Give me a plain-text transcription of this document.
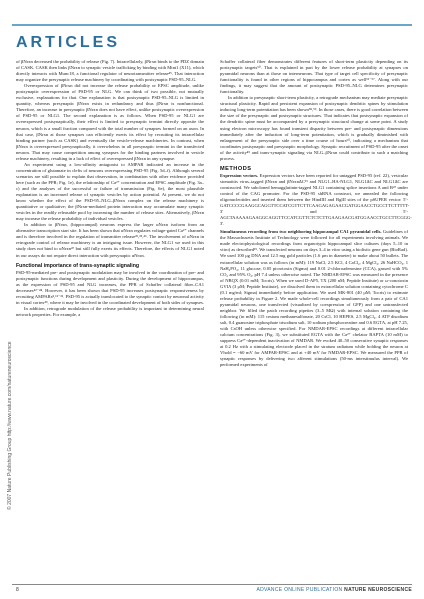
ARTICLES
© 2007 Nature Publishing Group http://www.nature.com/natureneuroscience

of βNrxn decreased the probability of release (Fig. 7). Intracellularly, βNrxn binds to the PDZ domain of CASK. CASK then links βNrxn to synaptic vesicle trafficking by binding with Mint1 (X11), which directly interacts with Munc18, a functional regulator of neurotransmitter release⁴⁵. That interaction may organize the presynaptic release machinery by coordinating with postsynaptic PSD-95–NLG.

Overexpression of βNrxn did not increase the release probability or EPSC amplitude, unlike postsynaptic overexpression of PSD-95 or NLG. We can think of two possible, not mutually exclusive, explanations for that. One explanation is that postsynaptic PSD-95–NLG is limited in quantity, whereas presynaptic βNrxn exists in redundancy and thus βNrxn is nonfunctional. Therefore, an increase in presynaptic βNrxn does not have effect, unlike postsynaptic overexpression of PSD-95 or NLG1. The second explanation is as follows. When PSD-95 or NLG1 are overexpressed postsynaptically, their effect is limited to presynaptic termini directly opposite the neuron, which is a small fraction compared with the total number of synapses formed on an axon. In that case, βNrxn at those synapses can efficiently exerts its effect by recruiting its intracellular binding partner (such as CASK) and eventually the vesicle-release machineries. In contrast, when βNrxn is overexpressed presynaptically, it overwhelms in all presynaptic termini in the transfected neuron. That may cause competition among synapses for the binding partners involved in vesicle release machinery, resulting in a lack of effect of overexpressed βNrxn in any synapse.

An experiment using a low-affinity antagonist to AMPAR indicated an increase in the concentration of glutamate in clefts of neurons overexpressing PSD-95 (Fig. 5d–f). Although several scenarios are still possible to explain that observation, in combination with other evidence provided here (such as the PPR; Fig. 1e), the relationship of Ca²⁺ concentration and EPSC amplitude (Fig. 3a–c) and the analyses of the successful or failure of transmission (Fig. 6e), the most plausible explanation is an increased release of synaptic vesicles by action potential. At present, we do not know whether the effect of the PSD-95–NLG–βNrxn complex on the release machinery is quantitative or qualitative; the βNrxn-mediated protein interaction may accumulate many synaptic vesicles in the readily releasable pool by increasing the number of release sites. Alternatively, βNrxn may increase the release probability of individual vesicles.

In addition to βNrxn, (hippocampal) neurons express the larger αNrxn isoform from an alternative transcription start site. It has been shown that αNrxn regulates voltage-gated Ca²⁺ channels and is therefore involved in the regulation of transmitter release²⁶,³⁵,⁴⁶. The involvement of αNrxn in retrograde control of release machinery is an intriguing issue. However, the NLG1 we used in this study does not bind to αNrxn⁴⁷ but still fully exerts its effects. Therefore, the effects of NLG1 noted in our assays do not require direct interaction with presynaptic αNrxn.

Functional importance of trans-synaptic signaling

PSD-95-mediated pre- and postsynaptic modulation may be involved in the coordination of pre- and postsynaptic functions during development and plasticity. During the development of hippocampus, as the expression of PSD-95 and NLG increases, the PPR of Schaffer collateral fiber–CA1 decreases⁴²⁻⁴⁸. However, it has been shown that PSD-95 increases postsynaptic responsiveness by recruiting AMPARs⁸,¹²⁻²². PSD-95 is actually translocated to the synaptic contact by neuronal activity in visual cortex⁴⁹, where it may be involved in the coordinated development of both sides of synapses.

In addition, retrograde modulation of the release probability is important in determining neural network properties. For example, a

Schaffer collateral fiber demonstrates different features of short-term plasticity depending on its postsynaptic targets⁵⁰. That is explained in part by the lower release probability at synapses on pyramidal neurons than at those on interneurons. That type of target cell specificity of presynaptic functionality is found in other regions of hippocampus and cortex as well⁵¹⁻⁵⁷. Along with our findings, it may suggest that the amount of postsynaptic PSD-95–NLG determines presynaptic functionality.

In addition to presynaptic short-term plasticity, a retrograde mechanism may mediate presynaptic structural plasticity. Rapid and persistent expansion of postsynaptic dendritic spines by stimulation inducing long-term potentiation has been shown⁵⁸,⁵⁹. In those cases, there is good correlation between the size of the presynaptic and postsynaptic structures. That indicates that postsynaptic expansion of the dendritic spine must be accompanied by a presynaptic structural change at some point. A study using electron microscopy has found transient disparity between pre- and postsynaptic dimensions immediately after the induction of long-term potentiation, which is gradually diminished with enlargement of the presynaptic side over a time course of hours⁶⁰, indicating a mechanism that coordinates postsynaptic and presynaptic morphology. Synaptic recruitment of PSD-95 after the onset of the activity⁴⁹ and trans-synaptic signaling via NLG–βNrxn could contribute to such a matching process.

METHODS

Expression vectors. Expression vectors have been reported for untagged PSD-95 (ref. 22), vesicular stomatitis virus–tagged βNrxn and βNrxnΔC¹⁵ and NLG1–HA-NLG1, NLG1ΔC and NLG1ΔC are constructed. We subcloned hemagglutinin-tagged NLG1 containing splice insertions A and B⁴⁷ under control of the CAG promoter. For the PSD-95 shRNA construct, we annealed the following oligonucleotides and inserted them between the HindIII and BglII sites of the pSUPER vector: 5′-GATCCCCGAAGGCAGGTTCCATCGTTCTTCAAGAGAGAACGATGGAACCTGCCTTCTTTTT-3′ and 5′-AGCTAAAAAGAAGGCAGGTTCCATCGTTCTCTCTTGAAGAACGATGGAACCTGCCTTCGGG-3′.

Simultaneous recording from two neighboring hippocampal CA1 pyramidal cells. Guidelines of the Massachusetts Institute of Technology were followed for all experiments involving animals. We made electrophysiological recordings from organotypic hippocampal slice cultures (days 5–10 in vitro) as described¹⁹. We transfected neurons on days 3–4 in vitro using a biolistic gene gun (BioRad). We used 100 μg DNA and 12.5 mg gold particles (1.6 μm in diameter) to make about 50 bullets. The extracellular solution was as follows (in mM): 119 NaCl, 2.5 KCl, 4 CaCl₂, 4 MgCl₂, 26 NaHCO₃, 1 NaH₂PO₄, 11 glucose, 0.05 picrotoxin (Sigma) and 0.01 2-chloroadenosine (CCA), gassed with 5% CO₂ and 95% O₂, pH 7.4 unless otherwise noted. The NMDAR-EPSC was measured in the presence of NBQX (0.01 mM; Tocris). When we used D-AP5, TX (200 nM; Peptide Institute) or ω-conotoxin GVIA (3 μM; Peptide Institute), we dissolved them in extracellular solution containing cytochrome C (0.1 mg/ml; Sigma) immediately before application. We used MK-801 (40 μM; Tocris) to estimate release probability in Figure 2. We made whole-cell recordings simultaneously from a pair of CA1 pyramidal neurons, one transfected (visualized by coexpression of GFP) and one untransfected neighbor. We filled the patch recording pipettes (3–5 MΩ) with internal solution containing the following (in mM): 115 cesium methanesulfonate, 20 CsCl, 10 HEPES, 2.5 MgCl₂, 4 ATP disodium salt, 0.4 guanosine triphosphate trisodium salt, 10 sodium phosphocreatine and 0.6 EGTA, at pH 7.25, with CsOH unless otherwise specified. For NMDAR-EPSC recordings at different intracellular calcium concentrations (Fig. 3), we substituted EGTA with the Ca²⁺ chelator BAPTA (10 mM) to suppress Ca²⁺-dependent inactivation of NMDAR. We evoked 40–50 consecutive synaptic responses at 0.2 Hz with a stimulating electrode placed in the stratum radiatum while holding the neuron at Vhold = −60 mV for AMPAR-EPSC and at +40 mV for NMDAR-EPSC. We measured the PPR of synaptic responses by delivering two afferent stimulations (50-ms interstimulus interval). We performed experiments of

8	ADVANCE ONLINE PUBLICATION NATURE NEUROSCIENCE
